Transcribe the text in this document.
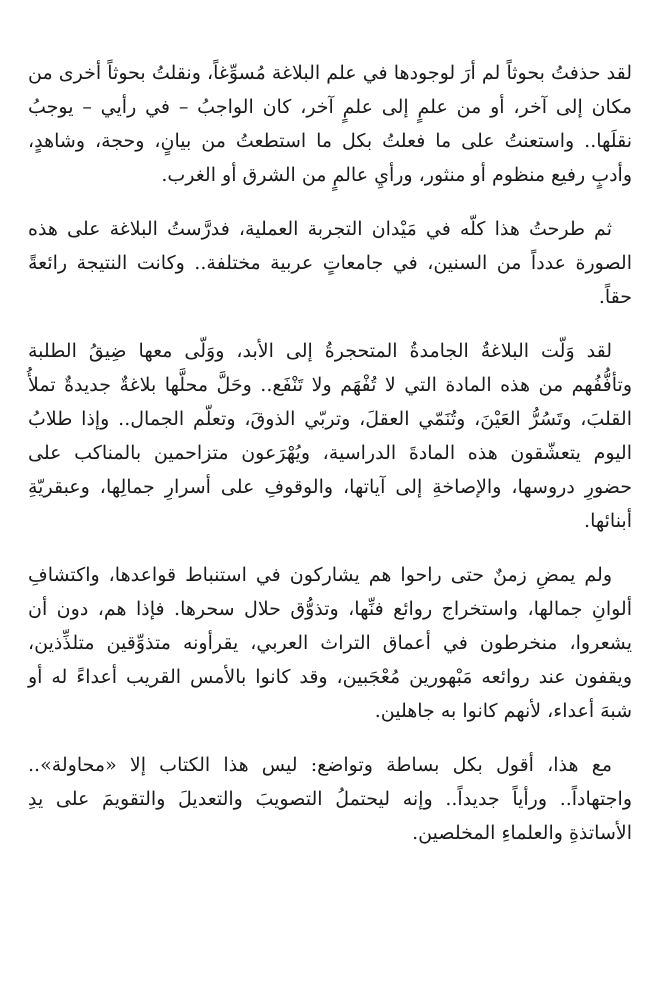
لقد حذفتُ بحوثاً لم أرَ لوجودها في علم البلاغة مُسوِّغاً، ونقلتُ بحوثاً أخرى من مكان إلى آخر، أو من علمٍ إلى علمٍ آخر، كان الواجبُ – في رأيي – يوجبُ نقلَها.. واستعنتُ على ما فعلتُ بكل ما استطعتُ من بيانٍ، وحجة، وشاهدٍ، وأدبٍ رفيع منظوم أو منثور، ورأيِ عالمٍ من الشرق أو الغرب.

ثم طرحتُ هذا كلّه في مَيْدان التجربة العملية، فدرَّستُ البلاغة على هذه الصورة عدداً من السنين، في جامعاتٍ عربية مختلفة.. وكانت النتيجة رائعةً حقاً.

لقد وَلّت البلاغةُ الجامدةُ المتحجرةُ إلى الأبد، ووَلّى معها ضِيقُ الطلبة وتأفُّفُهم من هذه المادة التي لا تُفْهَم ولا تَنْفَع.. وحَلَّ محلَّها بلاغةٌ جديدةٌ تملأُ القلبَ، وتَسُرُّ العَيْنَ، وتُنَمّي العقلَ، وتربّي الذوقَ، وتعلّم الجمال.. وإذا طلابُ اليوم يتعشّقون هذه المادةَ الدراسية، ويُهْرَعون متزاحمين بالمناكب على حضورِ دروسها، والإصاخةِ إلى آياتها، والوقوفِ على أسرارِ جمالِها، وعبقريّةِ أبنائها.

ولم يمضِ زمنٌ حتى راحوا هم يشاركون في استنباط قواعدها، واكتشافِ ألوانِ جمالها، واستخراج روائع فنِّها، وتذوُّق حلال سحرها. فإذا هم، دون أن يشعروا، منخرطون في أعماق التراث العربي، يقرأونه متذوِّقين متلذِّذين، ويقفون عند روائعه مَبْهورين مُعْجَبين، وقد كانوا بالأمس القريب أعداءً له أو شبهَ أعداء، لأنهم كانوا به جاهلين.

مع هذا، أقول بكل بساطة وتواضع: ليس هذا الكتاب إلا «محاولة».. واجتهاداً.. ورأياً جديداً.. وإنه ليحتملُ التصويبَ والتعديلَ والتقويمَ على يدِ الأساتذةِ والعلماءِ المخلصين.
